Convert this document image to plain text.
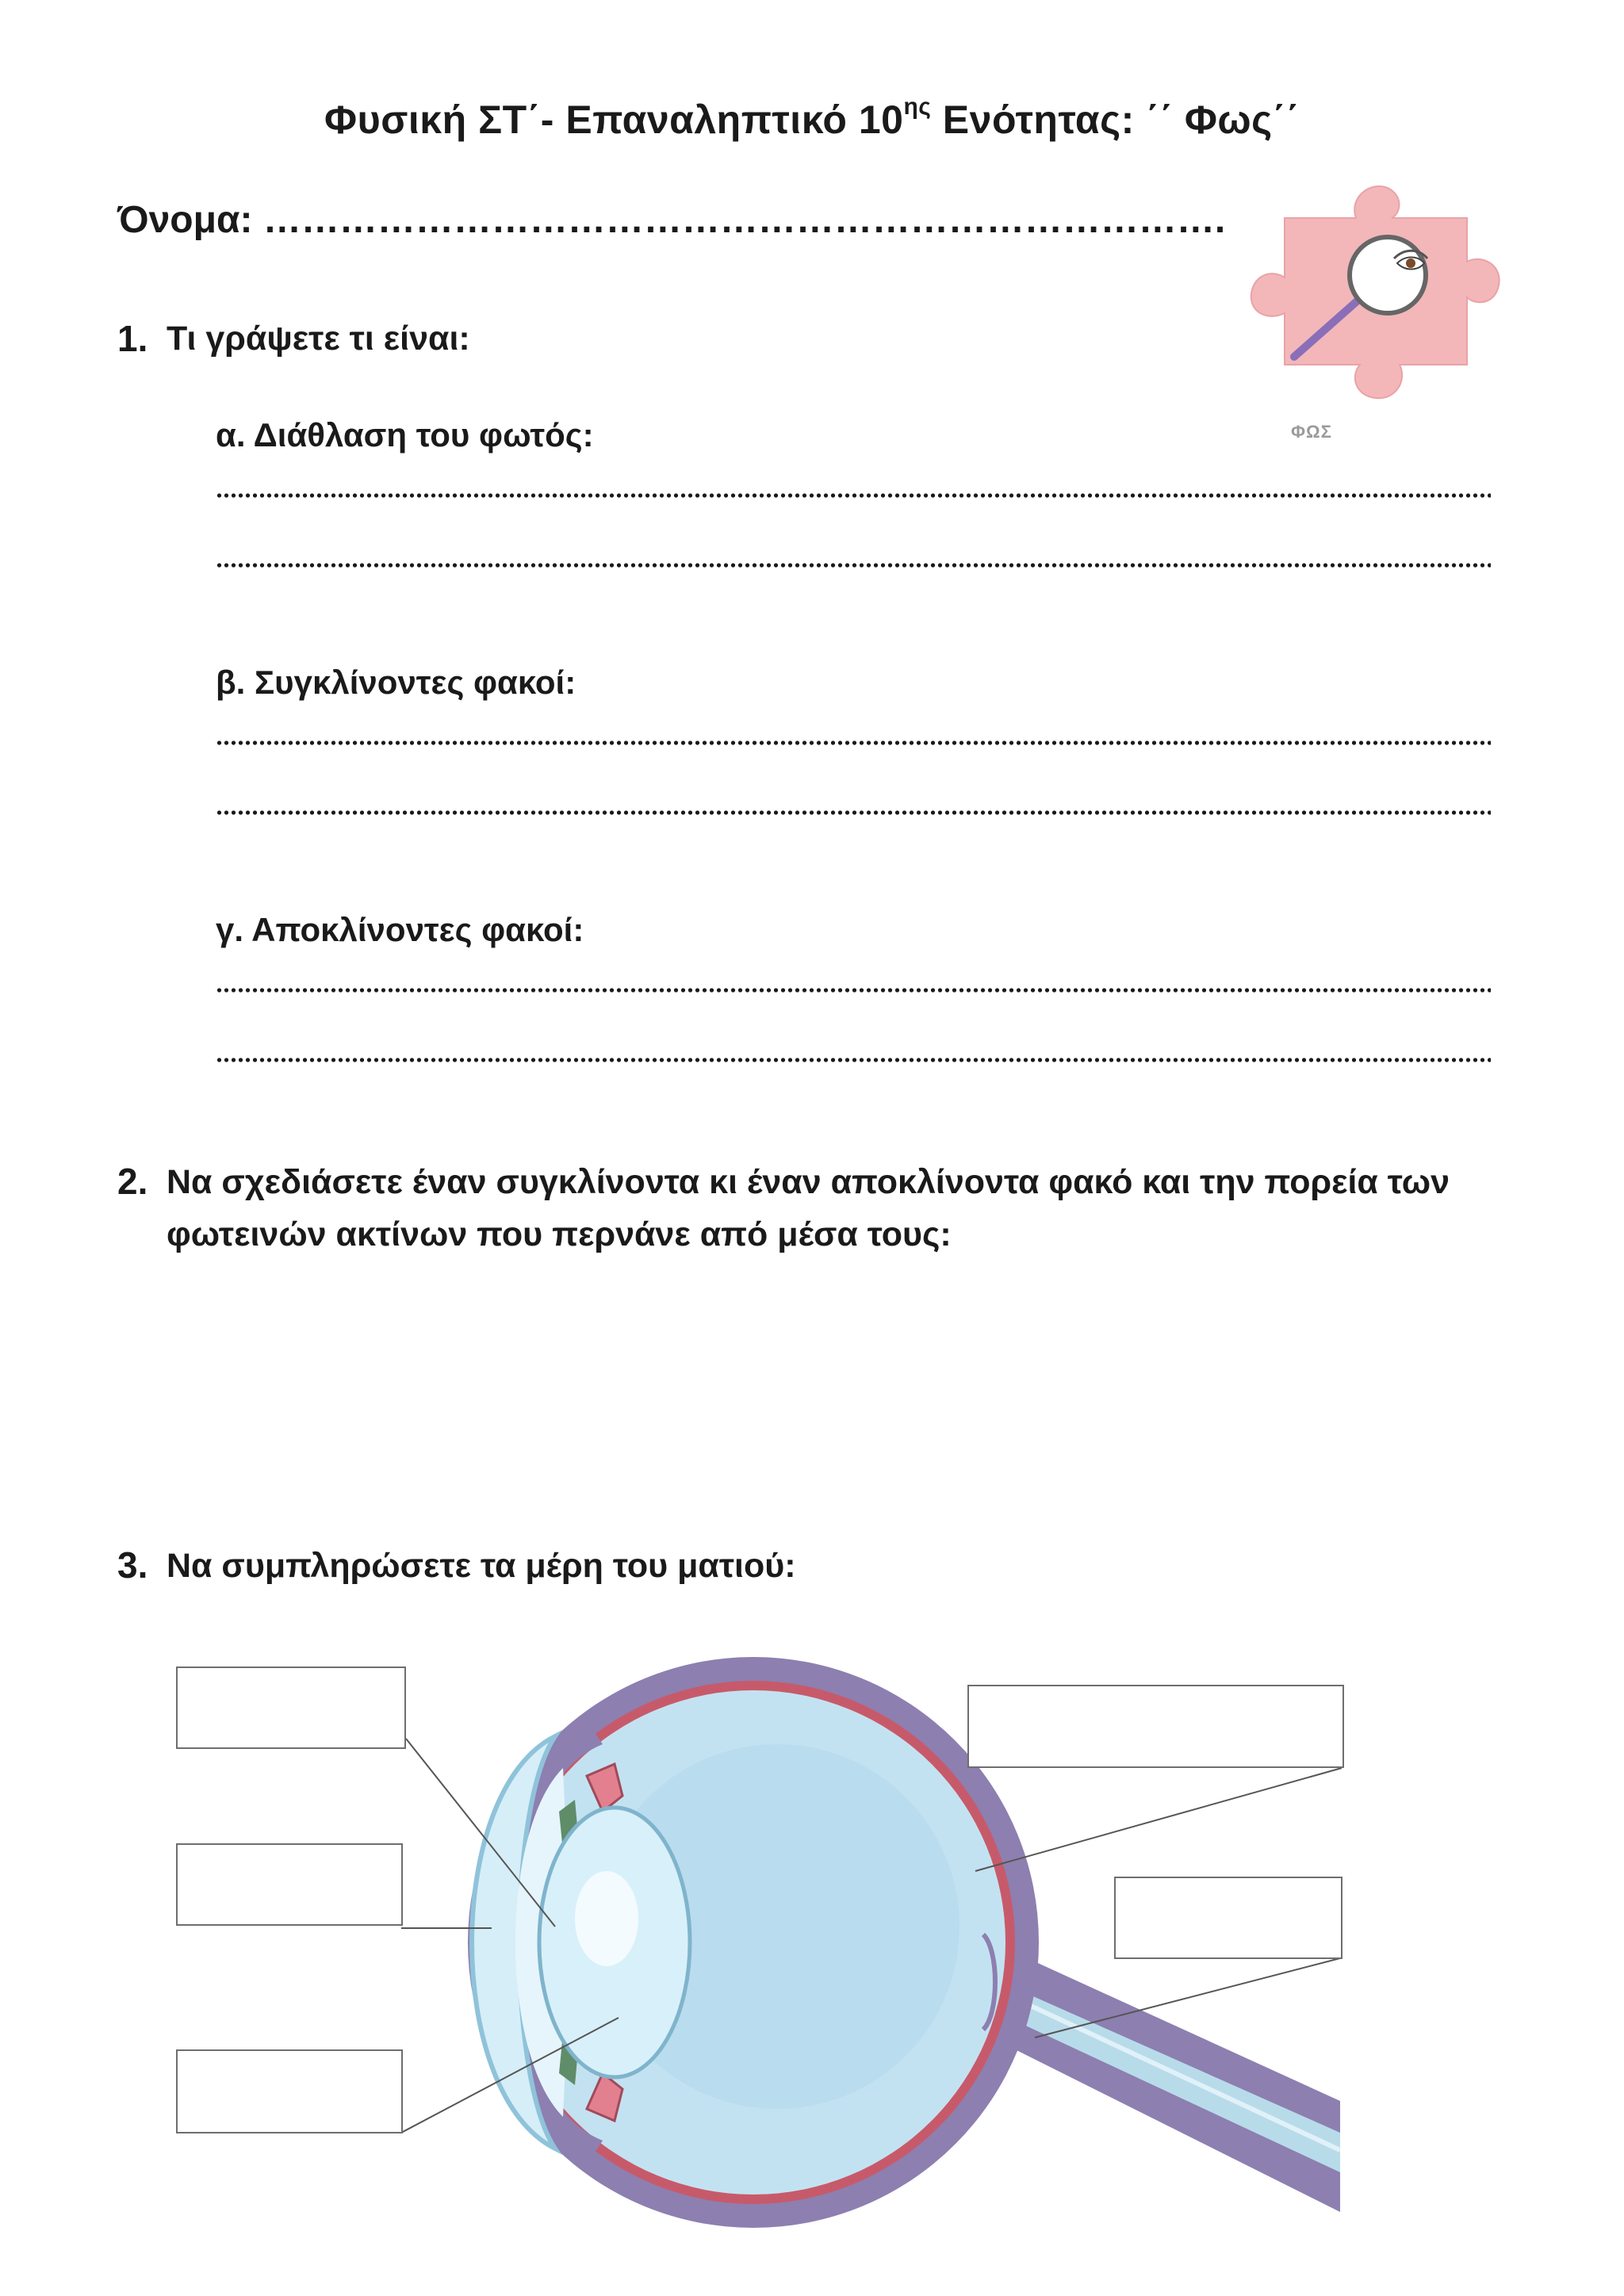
Φυσική ΣΤ΄- Επαναληπτικό $10^{\eta\varsigma}$ Ενότητας: ΄΄ Φως΄΄
Όνομα: ………………………………………………………………….
ΦΩΣ
1. Τι γράψετε τι είναι:
α. Διάθλαση του φωτός:
β. Συγκλίνοντες φακοί:
γ. Αποκλίνοντες φακοί:
2. Να σχεδιάσετε έναν συγκλίνοντα κι έναν αποκλίνοντα φακό και την πορεία των
φωτεινών ακτίνων που περνάνε από μέσα τους:
3. Να συμπληρώσετε τα μέρη του ματιού:
